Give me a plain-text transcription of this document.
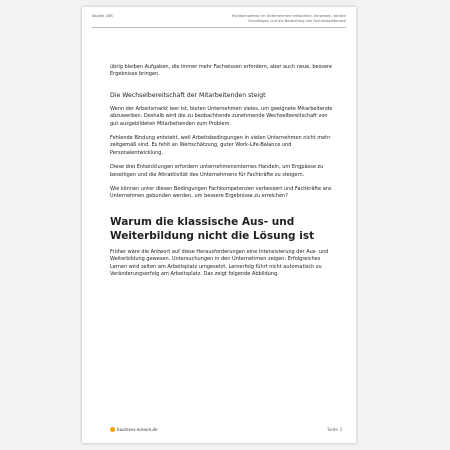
Kapitel 2BB	Fachkompetenz im Unternehmen entwickeln, einsetzen, binden
Grundlagen und die Bedeutung von Fachkompetenzen

übrig bleiben Aufgaben, die immer mehr Fachwissen erfordern, aber auch neue, bessere Ergebnisse bringen.

Die Wechselbereitschaft der Mitarbeitenden steigt

Wenn der Arbeitsmarkt leer ist, bieten Unternehmen vieles, um geeignete Mitarbeitende abzuwerben. Deshalb wird die zu beobachtende zunehmende Wechselbereitschaft von gut ausgebildeten Mitarbeitenden zum Problem.

Fehlende Bindung entsteht, weil Arbeitsbedingungen in vielen Unternehmen nicht mehr zeitgemäß sind. Es fehlt an Wertschätzung, guter Work-Life-Balance und Personalentwicklung.

Diese drei Entwicklungen erfordern unternehmensinternes Handeln, um Engpässe zu beseitigen und die Attraktivität des Unternehmens für Fachkräfte zu steigern.

Wie können unter diesen Bedingungen Fachkompetenzen verbessert und Fachkräfte ans Unternehmen gebunden werden, um bessere Ergebnisse zu erreichen?

Warum die klassische Aus- und Weiterbildung nicht die Lösung ist

Früher wäre die Antwort auf diese Herausforderungen eine Intensivierung der Aus- und Weiterbildung gewesen. Untersuchungen in den Unternehmen zeigen: Erfolgreiches Lernen wird selten am Arbeitsplatz umgesetzt. Lernerfolg führt nicht automatisch zu Veränderungserfolg am Arbeitsplatz. Das zeigt folgende Abbildung.

business-wissen.de	Seite 3
